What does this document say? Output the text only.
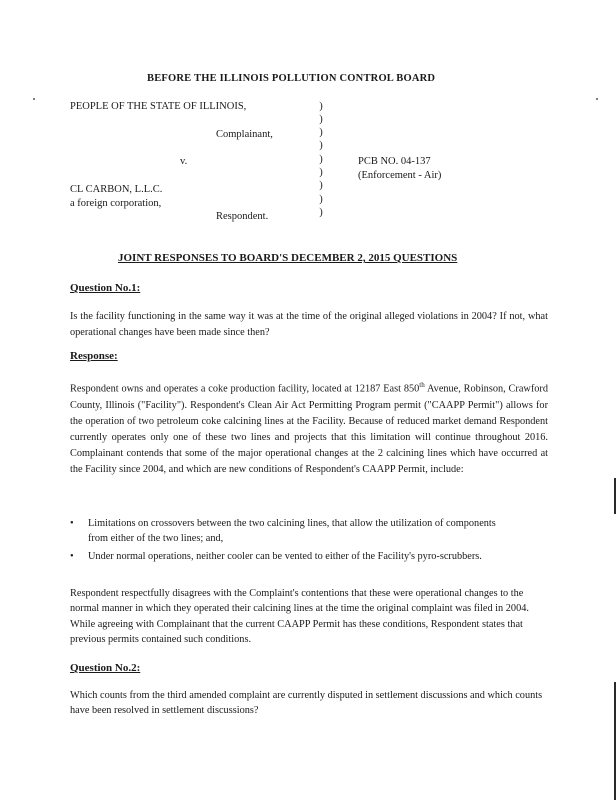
BEFORE THE ILLINOIS POLLUTION CONTROL BOARD
PEOPLE OF THE STATE OF ILLINOIS,
Complainant,
v.
CL CARBON, L.L.C.
a foreign corporation,
Respondent.
)
)
)
)
)
)
)
)
)
PCB NO. 04-137
(Enforcement - Air)
JOINT RESPONSES TO BOARD'S DECEMBER 2, 2015 QUESTIONS
Question No.1:
Is the facility functioning in the same way it was at the time of the original alleged violations in 2004? If not, what operational changes have been made since then?
Response:
Respondent owns and operates a coke production facility, located at 12187 East 850th Avenue, Robinson, Crawford County, Illinois ("Facility"). Respondent's Clean Air Act Permitting Program permit ("CAAPP Permit") allows for the operation of two petroleum coke calcining lines at the Facility. Because of reduced market demand Respondent currently operates only one of these two lines and projects that this limitation will continue throughout 2016. Complainant contends that some of the major operational changes at the 2 calcining lines which have occurred at the Facility since 2004, and which are new conditions of Respondent's CAAPP Permit, include:
• Limitations on crossovers between the two calcining lines, that allow the utilization of components from either of the two lines; and,
• Under normal operations, neither cooler can be vented to either of the Facility's pyro-scrubbers.
Respondent respectfully disagrees with the Complaint's contentions that these were operational changes to the normal manner in which they operated their calcining lines at the time the original complaint was filed in 2004. While agreeing with Complainant that the current CAAPP Permit has these conditions, Respondent states that previous permits contained such conditions.
Question No.2:
Which counts from the third amended complaint are currently disputed in settlement discussions and which counts have been resolved in settlement discussions?
